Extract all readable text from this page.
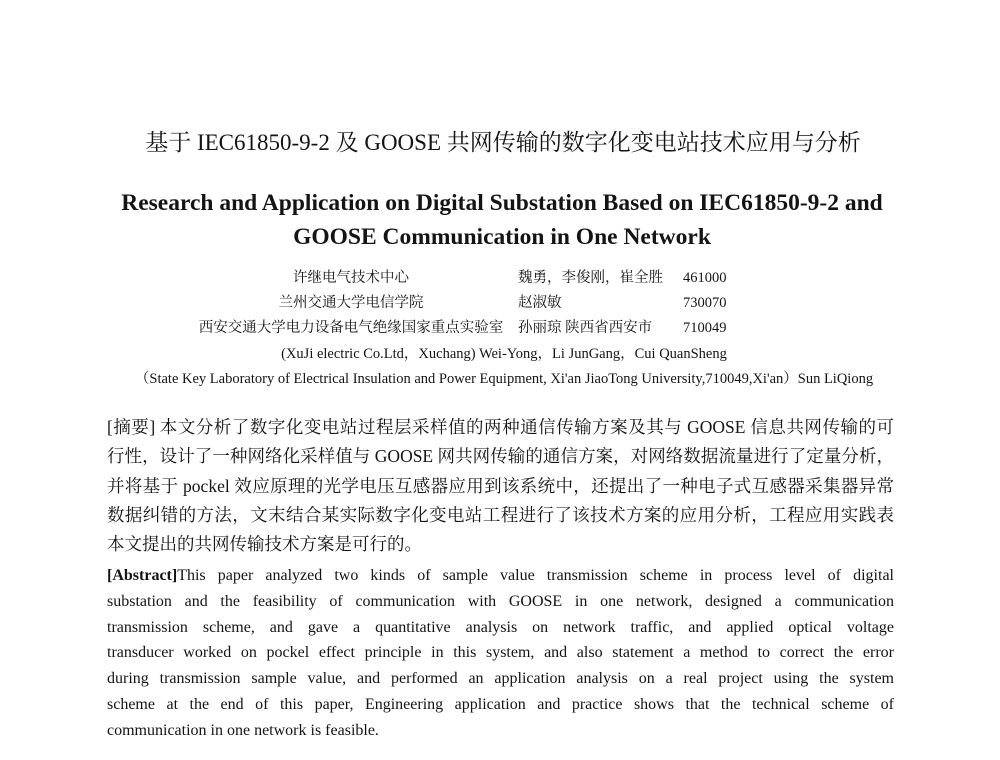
基于 IEC61850-9-2 及 GOOSE 共网传输的数字化变电站技术应用与分析
Research and Application on Digital Substation Based on IEC61850-9-2 and
GOOSE Communication in One Network
许继电气技术中心	魏勇，李俊刚，崔全胜	461000
兰州交通大学电信学院	赵淑敏	730070
西安交通大学电力设备电气绝缘国家重点实验室	孙丽琼 陕西省西安市	710049
(XuJi electric Co.Ltd，Xuchang) Wei-Yong，Li JunGang，Cui QuanSheng
（State Key Laboratory of Electrical Insulation and Power Equipment, Xi'an JiaoTong University,710049,Xi'an）Sun LiQiong
[摘要] 本文分析了数字化变电站过程层采样值的两种通信传输方案及其与 GOOSE 信息共网传输的可
行性，设计了一种网络化采样值与 GOOSE 网共网传输的通信方案，对网络数据流量进行了定量分析，
并将基于 pockel 效应原理的光学电压互感器应用到该系统中，还提出了一种电子式互感器采集器异常
数据纠错的方法，文末结合某实际数字化变电站工程进行了该技术方案的应用分析，工程应用实践表
本文提出的共网传输技术方案是可行的。
[Abstract]This paper analyzed two kinds of sample value transmission scheme in process level of digital
substation and the feasibility of communication with GOOSE in one network, designed a communication
transmission scheme, and gave a quantitative analysis on network traffic, and applied optical voltage
transducer worked on pockel effect principle in this system, and also statement a method to correct the error
during transmission sample value, and performed an application analysis on a real project using the system
scheme at the end of this paper, Engineering application and practice shows that the technical scheme of
communication in one network is feasible.
